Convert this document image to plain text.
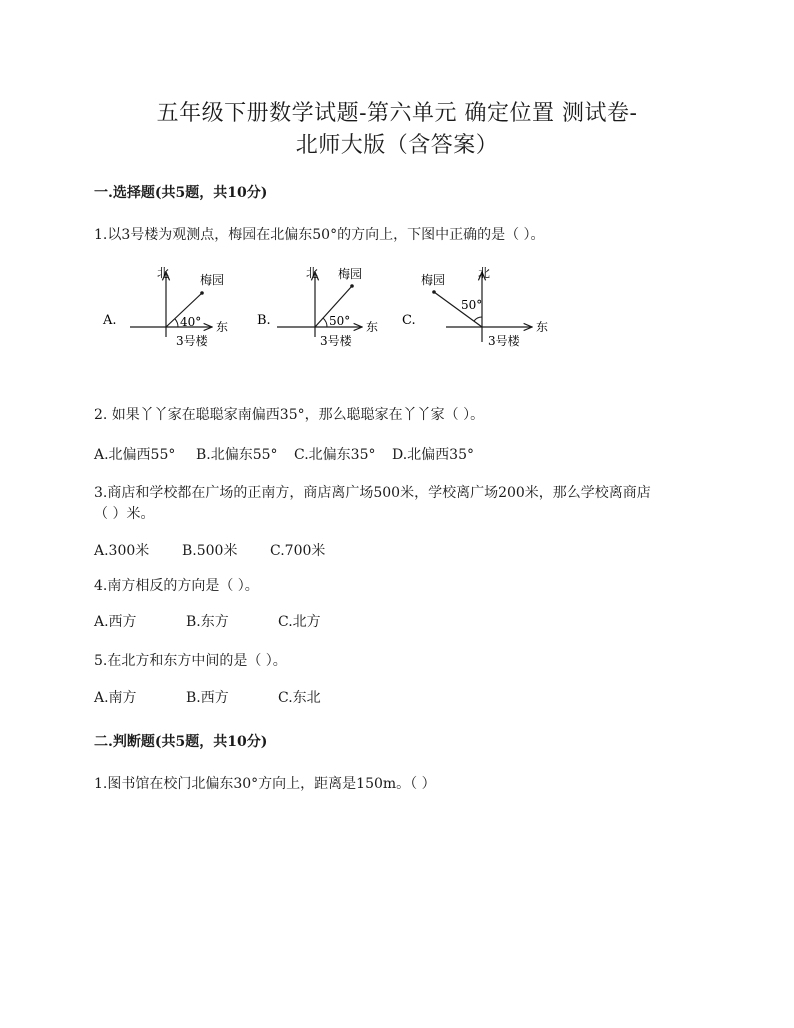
五年级下册数学试题-第六单元 确定位置 测试卷-
北师大版（含答案）
一.选择题(共5题，共10分)
1.以3号楼为观测点，梅园在北偏东50°的方向上，下图中正确的是（ ）。
A.
北	梅园
40° 东
3号楼
B.
北 梅园
50° 东
3号楼
C.
北
梅园
50°
东
3号楼
2. 如果丫丫家在聪聪家南偏西35°，那么聪聪家在丫丫家（ ）。
A.北偏西55° B.北偏东55° C.北偏东35° D.北偏西35°
3.商店和学校都在广场的正南方，商店离广场500米，学校离广场200米，那么学校离商店
（ ）米。
A.300米 B.500米 C.700米
4.南方相反的方向是（ ）。
A.西方	B.东方	C.北方
5.在北方和东方中间的是（ ）。
A.南方	B.西方	C.东北
二.判断题(共5题，共10分)
1.图书馆在校门北偏东30°方向上，距离是150m。（ ）
